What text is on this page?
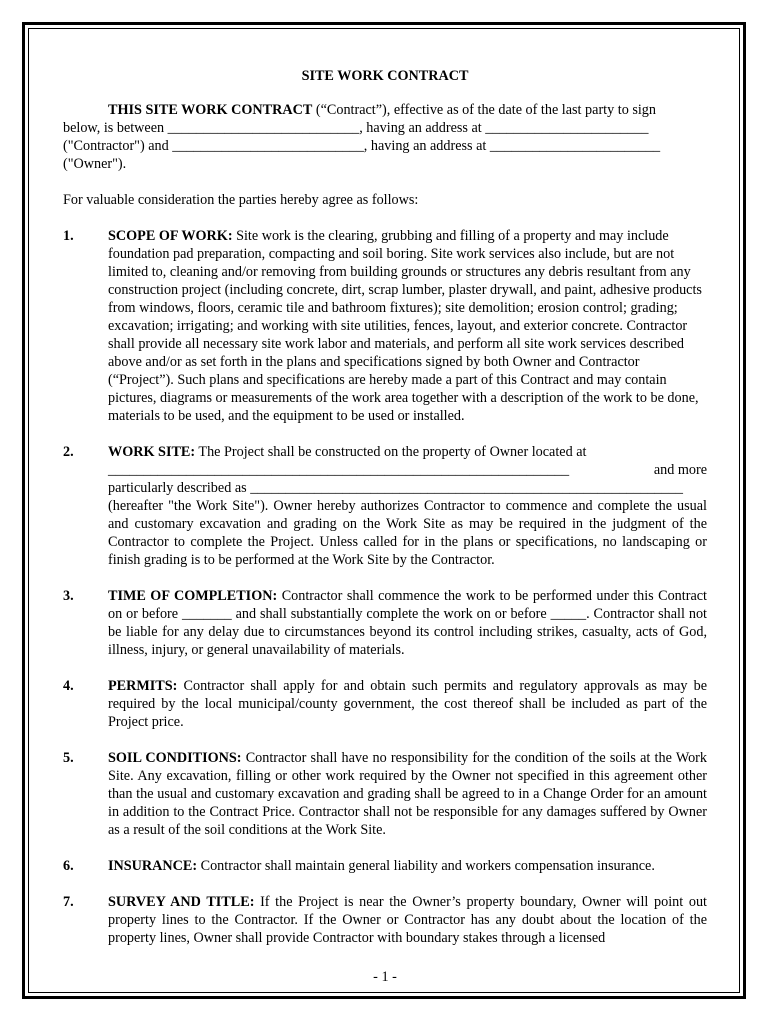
SITE WORK CONTRACT

THIS SITE WORK CONTRACT (“Contract”), effective as of the date of the last party to sign

below, is between ___________________________, having an address at _______________________

("Contractor") and ___________________________, having an address at ________________________

("Owner").

For valuable consideration the parties hereby agree as follows:

1.	SCOPE OF WORK: Site work is the clearing, grubbing and filling of a property and may include foundation pad preparation, compacting and soil boring. Site work services also include, but are not limited to, cleaning and/or removing from building grounds or structures any debris resultant from any construction project (including concrete, dirt, scrap lumber, plaster drywall, and paint, adhesive products from windows, floors, ceramic tile and bathroom fixtures); site demolition; erosion control; grading; excavation; irrigating; and working with site utilities, fences, layout, and exterior concrete. Contractor shall provide all necessary site work labor and materials, and perform all site work services described above and/or as set forth in the plans and specifications signed by both Owner and Contractor (“Project”). Such plans and specifications are hereby made a part of this Contract and may contain pictures, diagrams or measurements of the work area together with a description of the work to be done, materials to be used, and the equipment to be used or installed.
2.	WORK SITE: The Project shall be constructed on the property of Owner located at

_________________________________________________________________	and more

particularly described as _____________________________________________________________

(hereafter "the Work Site"). Owner hereby authorizes Contractor to commence and complete the usual and customary excavation and grading on the Work Site as may be required in the judgment of the Contractor to complete the Project. Unless called for in the plans or specifications, no landscaping or finish grading is to be performed at the Work Site by the Contractor.

3.	TIME OF COMPLETION: Contractor shall commence the work to be performed under this Contract on or before _______ and shall substantially complete the work on or before _____. Contractor shall not be liable for any delay due to circumstances beyond its control including strikes, casualty, acts of God, illness, injury, or general unavailability of materials.
4.	PERMITS: Contractor shall apply for and obtain such permits and regulatory approvals as may be required by the local municipal/county government, the cost thereof shall be included as part of the Project price.
5.	SOIL CONDITIONS: Contractor shall have no responsibility for the condition of the soils at the Work Site. Any excavation, filling or other work required by the Owner not specified in this agreement other than the usual and customary excavation and grading shall be agreed to in a Change Order for an amount in addition to the Contract Price. Contractor shall not be responsible for any damages suffered by Owner as a result of the soil conditions at the Work Site.
6.	INSURANCE: Contractor shall maintain general liability and workers compensation insurance.
7.	SURVEY AND TITLE: If the Project is near the Owner’s property boundary, Owner will point out property lines to the Contractor. If the Owner or Contractor has any doubt about the location of the property lines, Owner shall provide Contractor with boundary stakes through a licensed
- 1 -
